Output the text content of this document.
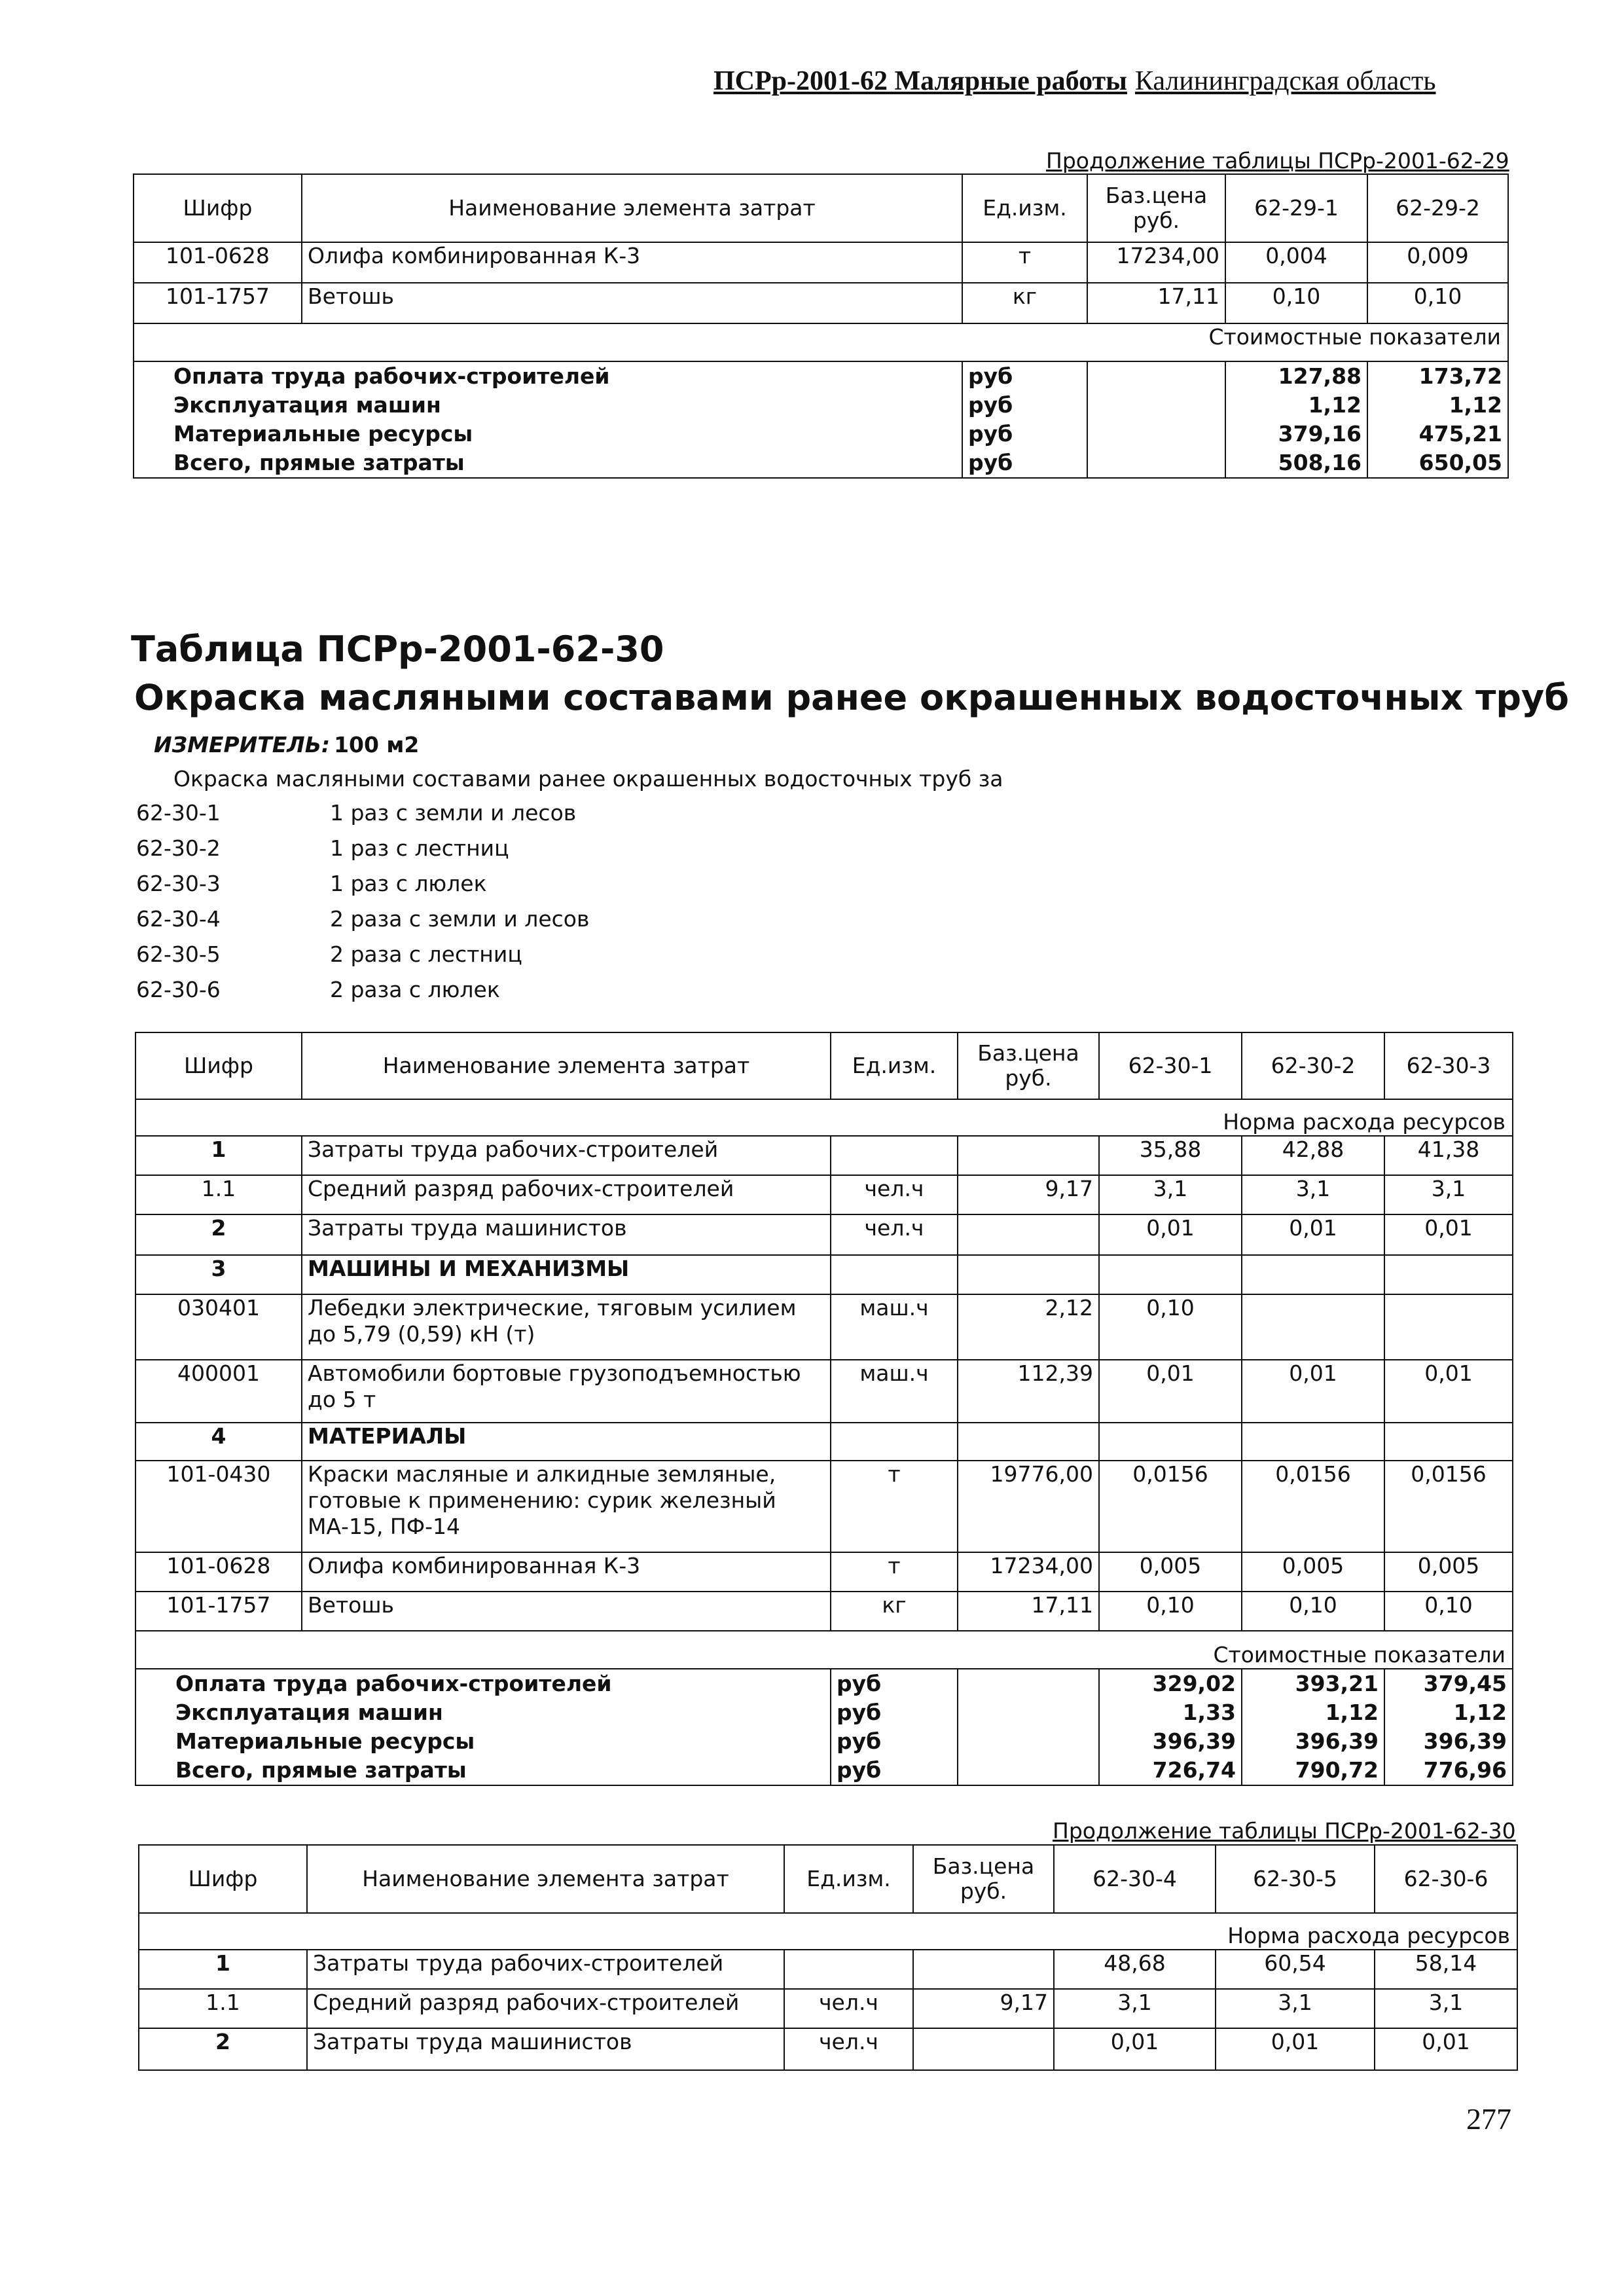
ПСРр-2001-62 Малярные работы Калининградская область
Продолжение таблицы ПСРр-2001-62-29
Шифр	Наименование элемента затрат	Ед.изм.	Баз.цена руб.	62-29-1	62-29-2
101-0628	Олифа комбинированная К-3	т	17234,00	0,004	0,009
101-1757	Ветошь	кг	17,11	0,10	0,10
Стоимостные показатели					
Оплата труда рабочих-строителей		руб		127,88	173,72
Эксплуатация машин		руб		1,12	1,12
Материальные ресурсы		руб		379,16	475,21
Всего, прямые затраты		руб		508,16	650,05
Таблица ПСРр-2001-62-30
Окраска масляными составами ранее окрашенных водосточных труб
ИЗМЕРИТЕЛЬ: 100 м2
Окраска масляными составами ранее окрашенных водосточных труб за
62-30-1	1 раз с земли и лесов
62-30-2	1 раз с лестниц
62-30-3	1 раз с люлек
62-30-4	2 раза с земли и лесов
62-30-5	2 раза с лестниц
62-30-6	2 раза с люлек
Шифр	Наименование элемента затрат	Ед.изм.	Баз.цена руб.	62-30-1	62-30-2	62-30-3
Норма расхода ресурсов						
1	Затраты труда рабочих-строителей			35,88	42,88	41,38
1.1	Средний разряд рабочих-строителей	чел.ч	9,17	3,1	3,1	3,1
2	Затраты труда машинистов	чел.ч		0,01	0,01	0,01
3	МАШИНЫ И МЕХАНИЗМЫ					
030401	Лебедки электрические, тяговым усилием до 5,79 (0,59) кН (т)	маш.ч	2,12	0,10		
400001	Автомобили бортовые грузоподъемностью до 5 т	маш.ч	112,39	0,01	0,01	0,01
4	МАТЕРИАЛЫ					
101-0430	Краски масляные и алкидные земляные, готовые к применению: сурик железный МА-15, ПФ-14	т	19776,00	0,0156	0,0156	0,0156
101-0628	Олифа комбинированная К-3	т	17234,00	0,005	0,005	0,005
101-1757	Ветошь	кг	17,11	0,10	0,10	0,10
Стоимостные показатели						
Оплата труда рабочих-строителей		руб		329,02	393,21	379,45
Эксплуатация машин		руб		1,33	1,12	1,12
Материальные ресурсы		руб		396,39	396,39	396,39
Всего, прямые затраты		руб		726,74	790,72	776,96
Продолжение таблицы ПСРр-2001-62-30
Шифр	Наименование элемента затрат	Ед.изм.	Баз.цена руб.	62-30-4	62-30-5	62-30-6
Норма расхода ресурсов						
1	Затраты труда рабочих-строителей			48,68	60,54	58,14
1.1	Средний разряд рабочих-строителей	чел.ч	9,17	3,1	3,1	3,1
2	Затраты труда машинистов	чел.ч		0,01	0,01	0,01
277
